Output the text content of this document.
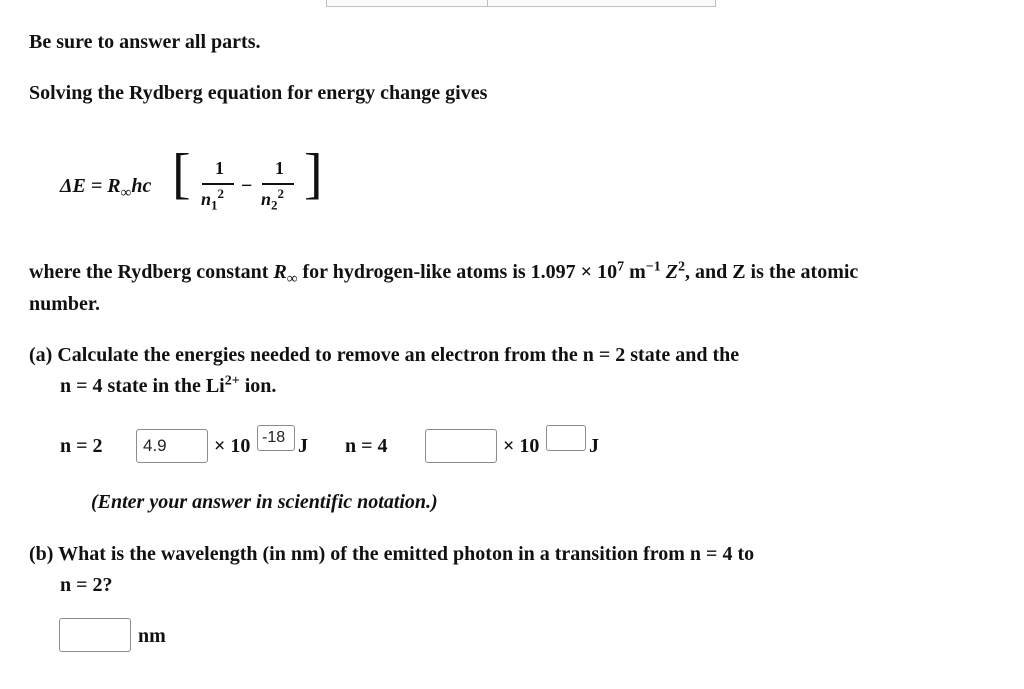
Be sure to answer all parts.
Solving the Rydberg equation for energy change gives
$\Delta E = R_\infty hc$ [ 1
$n_1^2$ −
1
$n_2^2$ ]
where the Rydberg constant $R_\infty$ for hydrogen-like atoms is $1.097 \times 10^7$ $m^{-1}$ $Z^2$, and Z is the atomic
number.
(a) Calculate the energies needed to remove an electron from the n = 2 state and the
n = 4 state in the $Li^{2+}$ ion.
n = 2
4.9	× 10
-18 J n = 4	× 10 J
(Enter your answer in scientific notation.)
(b) What is the wavelength (in nm) of the emitted photon in a transition from n = 4 to
n = 2?
nm
